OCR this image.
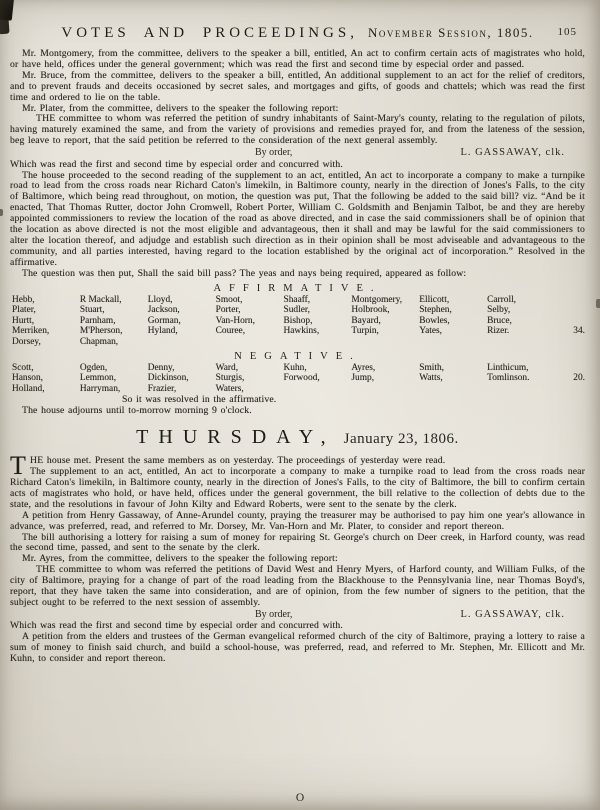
VOTES AND PROCEEDINGS, November Session, 1805. 105

Mr. Montgomery, from the committee, delivers to the speaker a bill, entitled, An act to confirm certain acts of magistrates who hold, or have held, offices under the general government; which was read the first and second time by especial order and passed.

Mr. Bruce, from the committee, delivers to the speaker a bill, entitled, An additional supplement to an act for the relief of creditors, and to prevent frauds and deceits occasioned by secret sales, and mortgages and gifts, of goods and chattels; which was read the first time and ordered to lie on the table.

Mr. Plater, from the committee, delivers to the speaker the following report:

THE committee to whom was referred the petition of sundry inhabitants of Saint-Mary's county, relating to the regulation of pilots, having maturely examined the same, and from the variety of provisions and remedies prayed for, and from the lateness of the session, beg leave to report, that the said petition be referred to the consideration of the next general assembly.

By order,	L. GASSAWAY, clk.

Which was read the first and second time by especial order and concurred with.

The house proceeded to the second reading of the supplement to an act, entitled, An act to incorporate a company to make a turnpike road to lead from the cross roads near Richard Caton's limekiln, in Baltimore county, nearly in the direction of Jones's Falls, to the city of Baltimore, which being read throughout, on motion, the question was put, That the following be added to the said bill? viz. “And be it enacted, That Thomas Rutter, doctor John Cromwell, Robert Porter, William C. Goldsmith and Benjamin Talbot, be and they are hereby appointed commissioners to review the location of the road as above directed, and in case the said commissioners shall be of opinion that the location as above directed is not the most eligible and advantageous, then it shall and may be lawful for the said commissioners to alter the location thereof, and adjudge and establish such direction as in their opinion shall be most adviseable and advantageous to the community, and all parties interested, having regard to the location established by the original act of incorporation.” Resolved in the affirmative.

The question was then put, Shall the said bill pass? The yeas and nays being required, appeared as follow:

AFFIRMATIVE.
Hebb,	R Mackall,	Lloyd,	Smoot,	Shaaff,	Montgomery,	Ellicott,	Carroll,
Plater,	Stuart,	Jackson,	Porter,	Sudler,	Holbrook,	Stephen,	Selby,
Hurtt,	Parnham,	Gorman,	Van-Horn,	Bishop,	Bayard,	Bowles,	Bruce,
Merriken,	M'Pherson,	Hyland,	Couree,	Hawkins,	Turpin,	Yates,	Rizer.	34.
Dorsey,	Chapman,
NEGATIVE.
Scott,	Ogden,	Denny,	Ward,	Kuhn,	Ayres,	Smith,	Linthicum,
Hanson,	Lemmon,	Dickinson,	Sturgis,	Forwood,	Jump,	Watts,	Tomlinson.	20.
Holland,	Harryman,	Frazier,	Waters,

So it was resolved in the affirmative.

The house adjourns until to-morrow morning 9 o'clock.

THURSDAY, January 23, 1806.

THE house met. Present the same members as on yesterday. The proceedings of yesterday were read.

The supplement to an act, entitled, An act to incorporate a company to make a turnpike road to lead from the cross roads near Richard Caton's limekiln, in Baltimore county, nearly in the direction of Jones's Falls, to the city of Baltimore, the bill to confirm certain acts of magistrates who hold, or have held, offices under the general government, the bill relative to the collection of debts due to the state, and the resolutions in favour of John Kilty and Edward Roberts, were sent to the senate by the clerk.

A petition from Henry Gassaway, of Anne-Arundel county, praying the treasurer may be authorised to pay him one year's allowance in advance, was preferred, read, and referred to Mr. Dorsey, Mr. Van-Horn and Mr. Plater, to consider and report thereon.

The bill authorising a lottery for raising a sum of money for repairing St. George's church on Deer creek, in Harford county, was read the second time, passed, and sent to the senate by the clerk.

Mr. Ayres, from the committee, delivers to the speaker the following report:

THE committee to whom was referred the petitions of David West and Henry Myers, of Harford county, and William Fulks, of the city of Baltimore, praying for a change of part of the road leading from the Blackhouse to the Pennsylvania line, near Thomas Boyd's, report, that they have taken the same into consideration, and are of opinion, from the few number of signers to the petition, that the subject ought to be referred to the next session of assembly.

By order,	L. GASSAWAY, clk.

Which was read the first and second time by especial order and concurred with.

A petition from the elders and trustees of the German evangelical reformed church of the city of Baltimore, praying a lottery to raise a sum of money to finish said church, and build a school-house, was preferred, read, and referred to Mr. Stephen, Mr. Ellicott and Mr. Kuhn, to consider and report thereon.

O
